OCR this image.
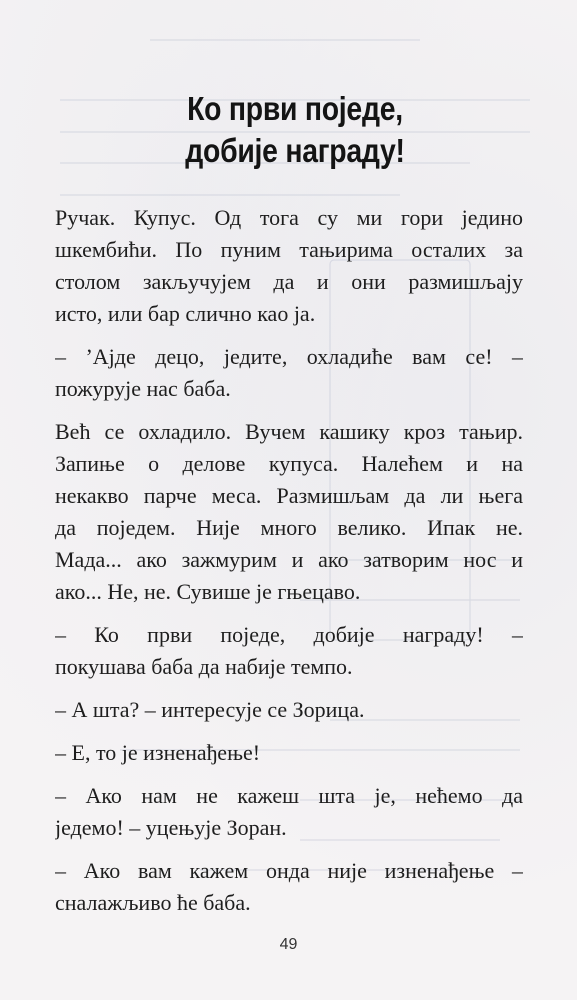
Ко први поједе,
добије награду!
Ручак. Купус. Од тога су ми гори једино
шкембићи. По пуним тањирима осталих за
столом закључујем да и они размишљају
исто, или бар слично као ја.
– ’Ајде децо, једите, охладиће вам се! –
пожурује нас баба.
Већ се охладило. Вучем кашику кроз тањир.
Запиње о делове купуса. Налећем и на
некакво парче меса. Размишљам да ли њега
да поједем. Није много велико. Ипак не.
Мада... ако зажмурим и ако затворим нос и
ако... Не, не. Сувише је гњецаво.
– Ко први поједе, добије награду! –
покушава баба да набије темпо.
– А шта? – интересује се Зорица.
– Е, то је изненађење!
– Ако нам не кажеш шта је, нећемо да
једемо! – уцењује Зоран.
– Ако вам кажем онда није изненађење –
сналажљиво ће баба.
49
